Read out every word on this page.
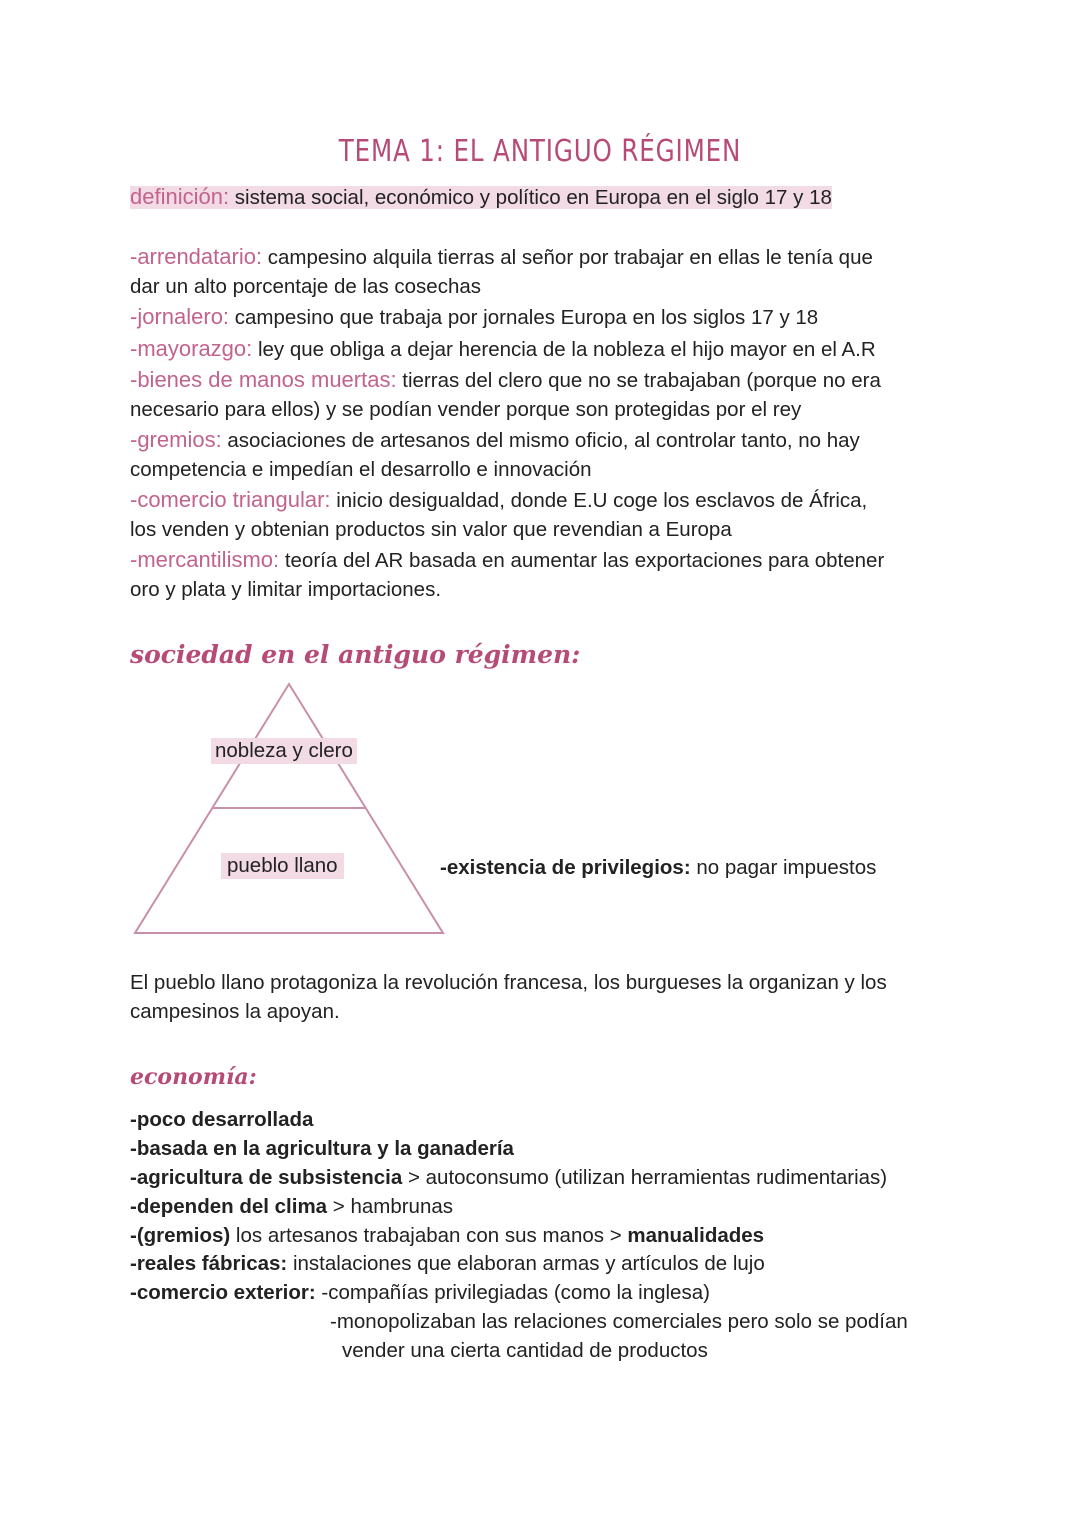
TEMA 1: EL ANTIGUO RÉGIMEN
definición: sistema social, económico y político en Europa en el siglo 17 y 18
-arrendatario: campesino alquila tierras al señor por trabajar en ellas le tenía que
dar un alto porcentaje de las cosechas
-jornalero: campesino que trabaja por jornales Europa en los siglos 17 y 18
-mayorazgo: ley que obliga a dejar herencia de la nobleza el hijo mayor en el A.R
-bienes de manos muertas: tierras del clero que no se trabajaban (porque no era
necesario para ellos) y se podían vender porque son protegidas por el rey
-gremios: asociaciones de artesanos del mismo oficio, al controlar tanto, no hay
competencia e impedían el desarrollo e innovación
-comercio triangular: inicio desigualdad, donde E.U coge los esclavos de África,
los venden y obtenian productos sin valor que revendian a Europa
-mercantilismo: teoría del AR basada en aumentar las exportaciones para obtener
oro y plata y limitar importaciones.
sociedad en el antiguo régimen:
nobleza y clero
pueblo llano	-existencia de privilegios: no pagar impuestos
El pueblo llano protagoniza la revolución francesa, los burgueses la organizan y los
campesinos la apoyan.
economía:
-poco desarrollada
-basada en la agricultura y la ganadería
-agricultura de subsistencia > autoconsumo (utilizan herramientas rudimentarias)
-dependen del clima > hambrunas
-(gremios) los artesanos trabajaban con sus manos > manualidades
-reales fábricas: instalaciones que elaboran armas y artículos de lujo
-comercio exterior: -compañías privilegiadas (como la inglesa)
-monopolizaban las relaciones comerciales pero solo se podían
vender una cierta cantidad de productos
